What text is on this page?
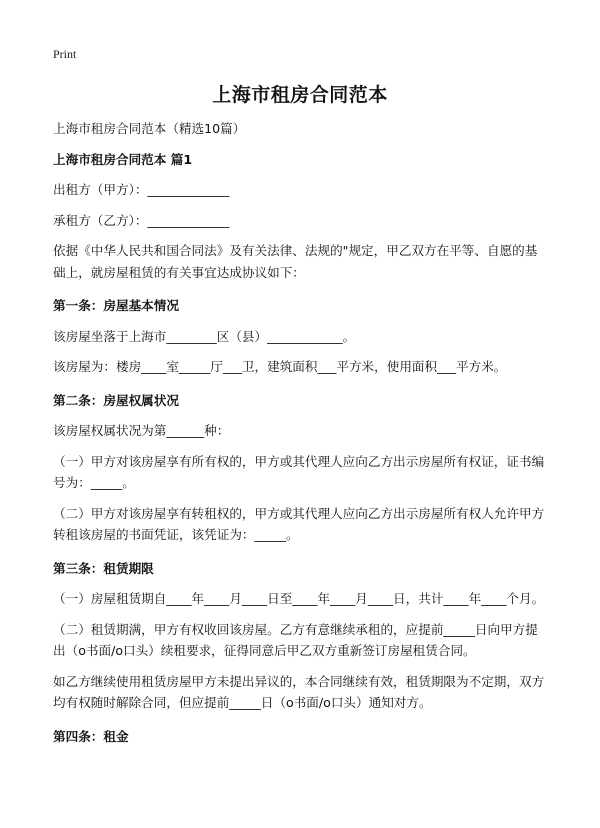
Print
上海市租房合同范本

上海市租房合同范本（精选10篇）

上海市租房合同范本 篇1

出租方（甲方）：_____________

承租方（乙方）：_____________

依据《中华人民共和国合同法》及有关法律、法规的"规定，甲乙双方在平等、自愿的基础上，就房屋租赁的有关事宜达成协议如下：

第一条：房屋基本情况

该房屋坐落于上海市________区（县）____________。

该房屋为：楼房____室_____厅___卫，建筑面积___平方米，使用面积___平方米。

第二条：房屋权属状况

该房屋权属状况为第______种：

（一）甲方对该房屋享有所有权的，甲方或其代理人应向乙方出示房屋所有权证，证书编号为：_____。

（二）甲方对该房屋享有转租权的，甲方或其代理人应向乙方出示房屋所有权人允许甲方转租该房屋的书面凭证，该凭证为：_____。

第三条：租赁期限

（一）房屋租赁期自____年____月____日至____年____月____日，共计____年____个月。

（二）租赁期满，甲方有权收回该房屋。乙方有意继续承租的，应提前_____日向甲方提出（o书面/o口头）续租要求，征得同意后甲乙双方重新签订房屋租赁合同。

如乙方继续使用租赁房屋甲方未提出异议的，本合同继续有效，租赁期限为不定期，双方均有权随时解除合同，但应提前_____日（o书面/o口头）通知对方。

第四条：租金
